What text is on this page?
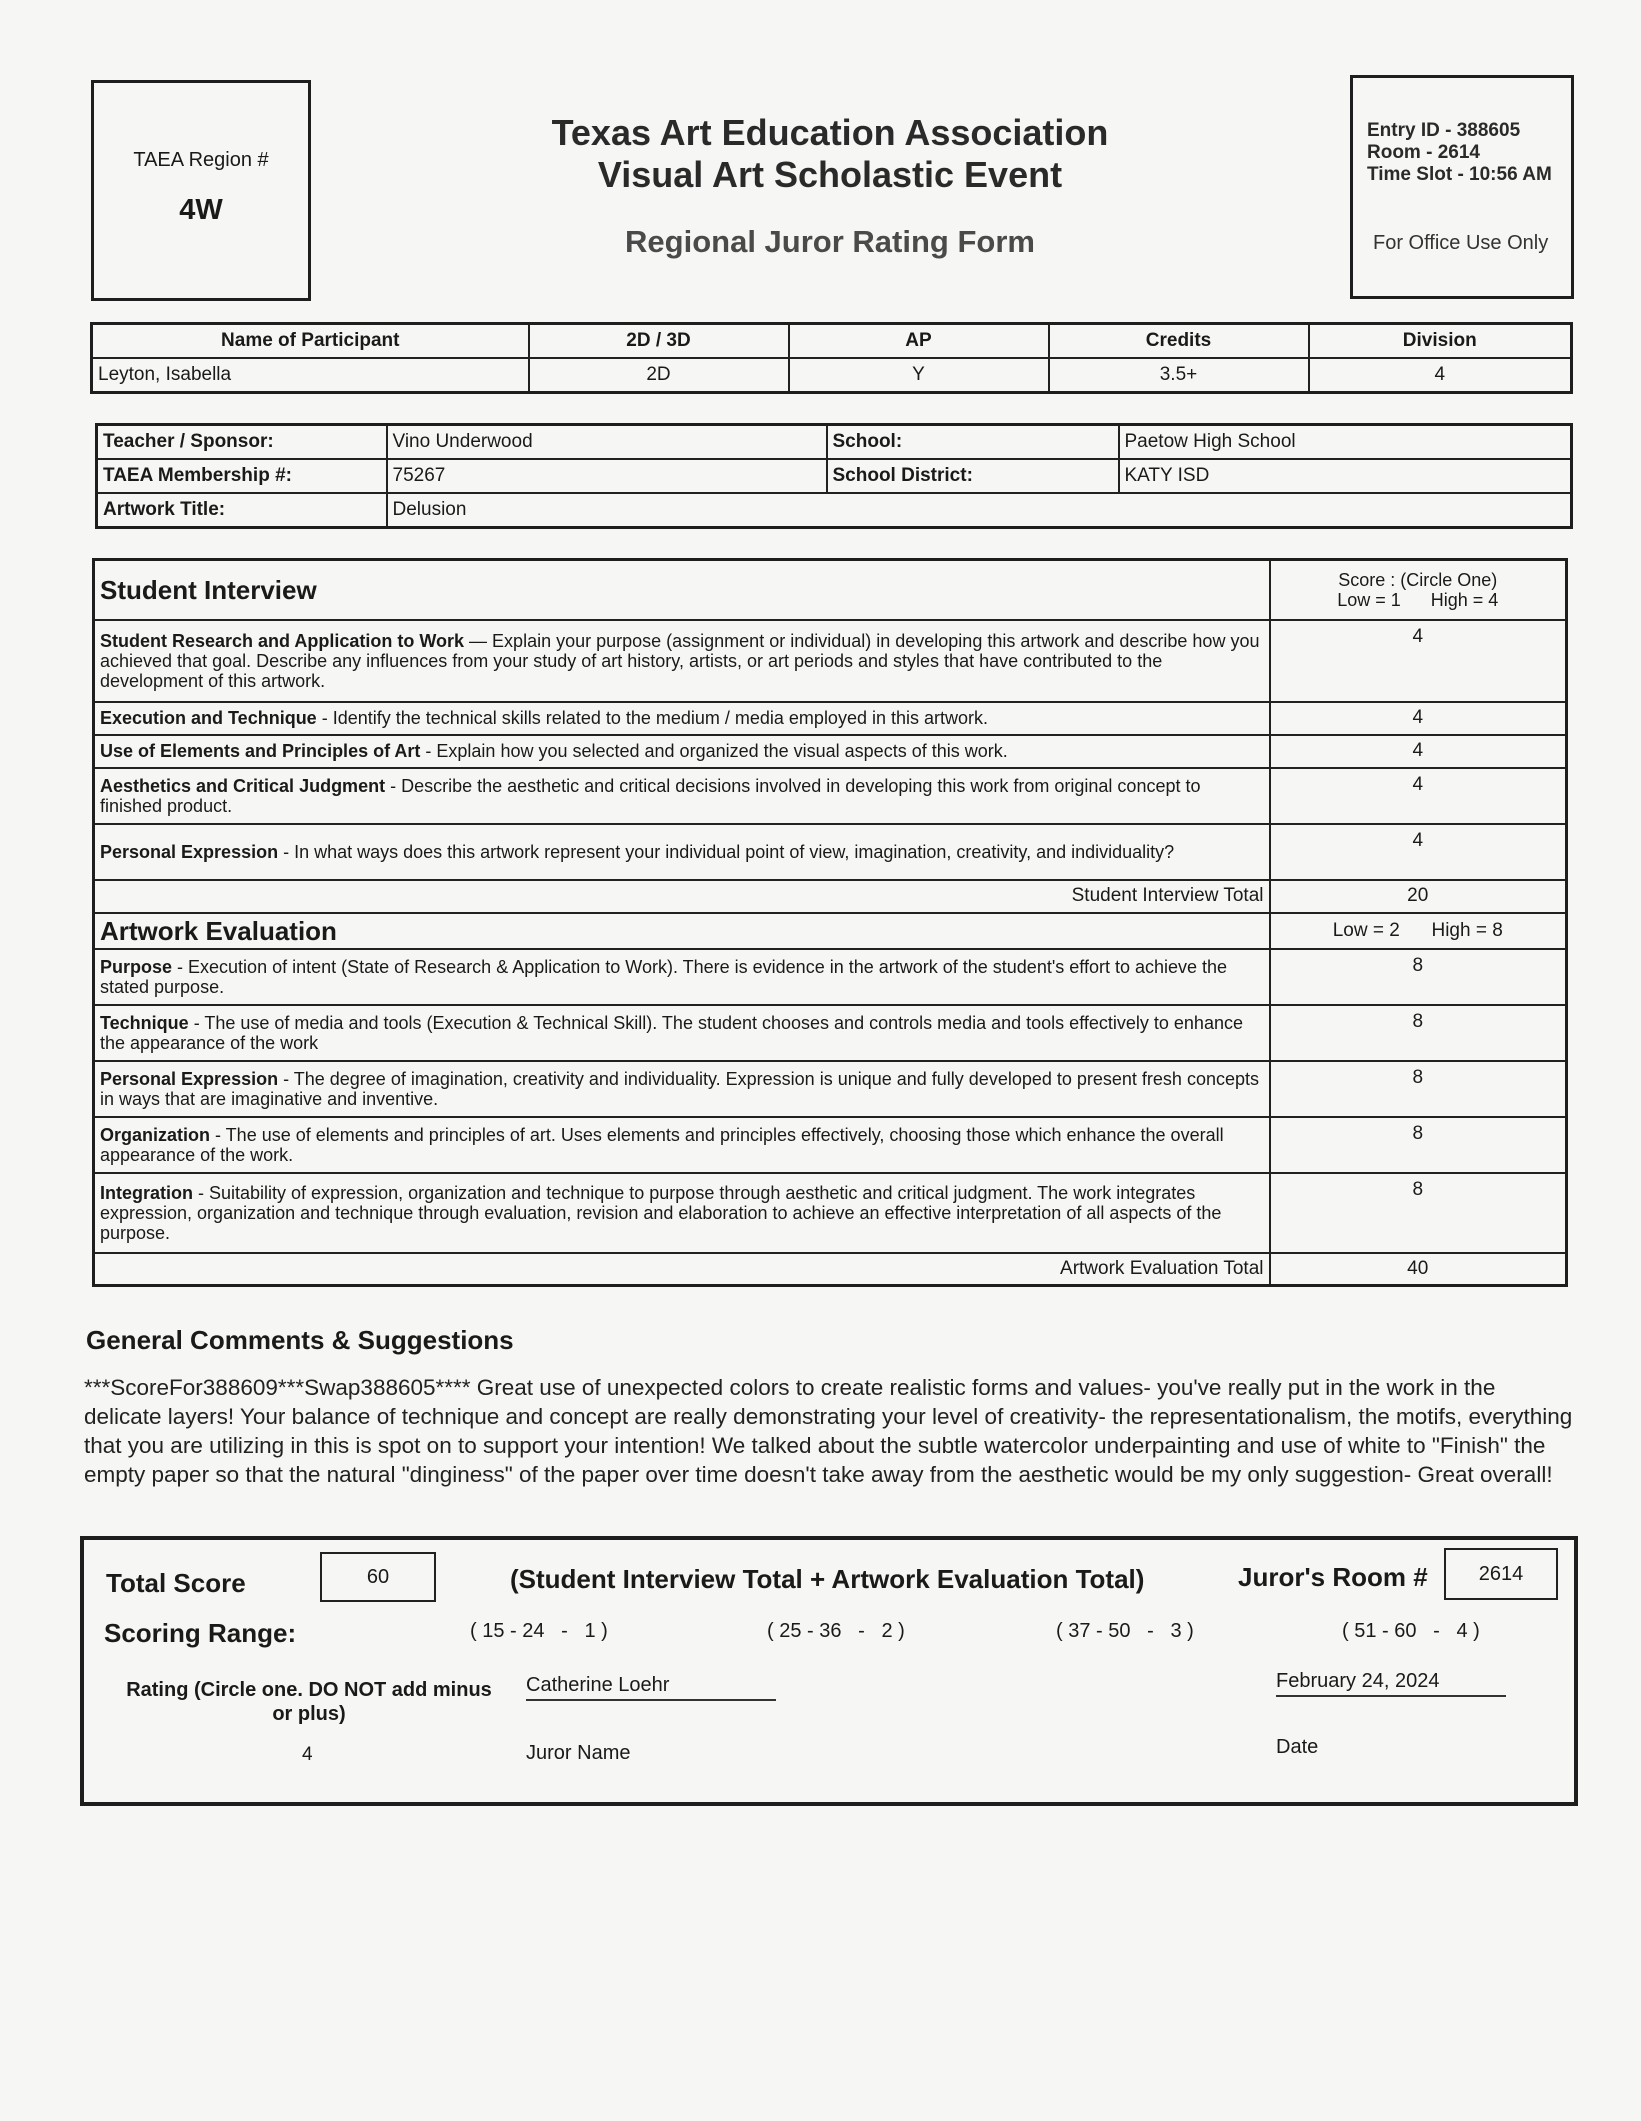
TAEA Region #
4W
Texas Art Education Association
Visual Art Scholastic Event
Regional Juror Rating Form
Entry ID - 388605
Room - 2614
Time Slot - 10:56 AM
For Office Use Only
Name of Participant	2D / 3D	AP	Credits	Division
Leyton, Isabella	2D	Y	3.5+	4
Teacher / Sponsor:	Vino Underwood	School:	Paetow High School
TAEA Membership #:	75267	School District:	KATY ISD
Artwork Title:	Delusion		
Student Interview	Score : (Circle One)
Low = 1      High = 4

Student Research and Application to Work — Explain your purpose (assignment or individual) in developing this artwork and describe how you achieved that goal. Describe any influences from your study of art history, artists, or art periods and styles that have contributed to the development of this artwork.	4
Execution and Technique - Identify the technical skills related to the medium / media employed in this artwork.	4
Use of Elements and Principles of Art - Explain how you selected and organized the visual aspects of this work.	4
Aesthetics and Critical Judgment - Describe the aesthetic and critical decisions involved in developing this work from original concept to finished product.	4
Personal Expression - In what ways does this artwork represent your individual point of view, imagination, creativity, and individuality?	4
Student Interview Total	20
Artwork Evaluation	Low = 2      High = 8
Purpose - Execution of intent (State of Research & Application to Work). There is evidence in the artwork of the student's effort to achieve the stated purpose.	8
Technique - The use of media and tools (Execution & Technical Skill). The student chooses and controls media and tools effectively to enhance the appearance of the work	8
Personal Expression - The degree of imagination, creativity and individuality. Expression is unique and fully developed to present fresh concepts in ways that are imaginative and inventive.	8
Organization - The use of elements and principles of art. Uses elements and principles effectively, choosing those which enhance the overall appearance of the work.	8
Integration - Suitability of expression, organization and technique to purpose through aesthetic and critical judgment. The work integrates expression, organization and technique through evaluation, revision and elaboration to achieve an effective interpretation of all aspects of the purpose.	8
Artwork Evaluation Total	40
General Comments & Suggestions
***ScoreFor388609***Swap388605**** Great use of unexpected colors to create realistic forms and values- you've really put in the work in the delicate layers! Your balance of technique and concept are really demonstrating your level of creativity- the representationalism, the motifs, everything that you are utilizing in this is spot on to support your intention! We talked about the subtle watercolor underpainting and use of white to "Finish" the empty paper so that the natural "dinginess" of the paper over time doesn't take away from the aesthetic would be my only suggestion- Great overall!
Total Score	60	(Student Interview Total + Artwork Evaluation Total)	Juror's Room #	2614
Scoring Range:	( 15 - 24   -   1 )	( 25 - 36   -   2 )	( 37 - 50   -   3 )	( 51 - 60   -   4 )
Rating (Circle one. DO NOT add minus or plus)
4
Catherine Loehr
Juror Name
February 24, 2024
Date
